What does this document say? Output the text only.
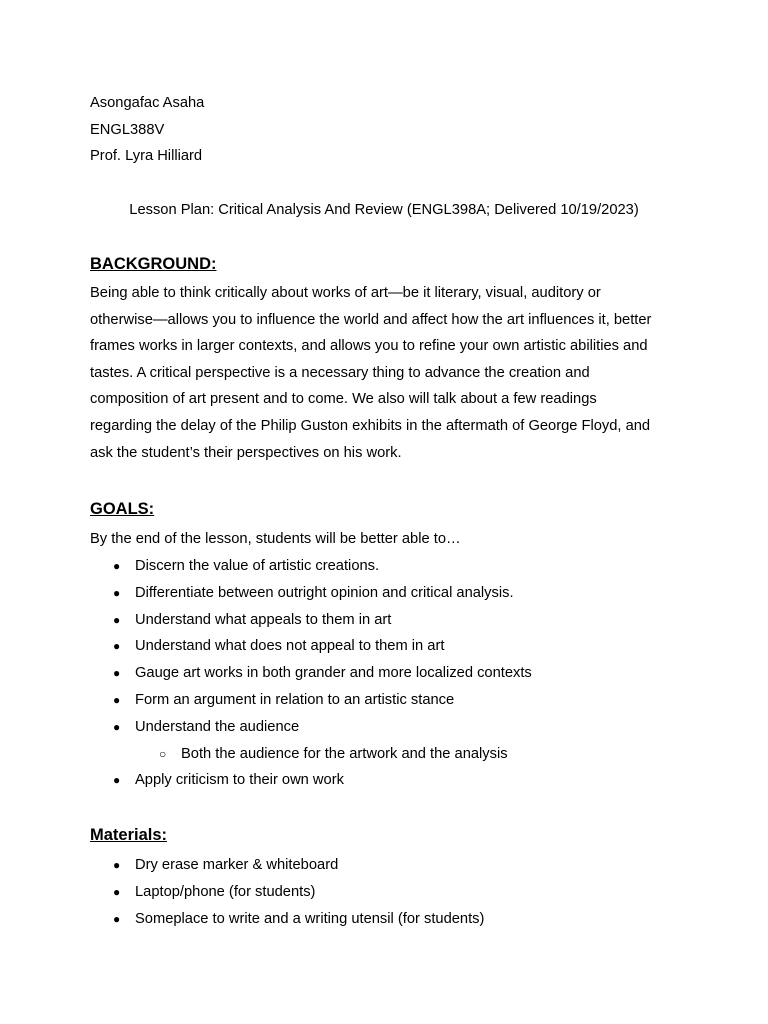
Asongafac Asaha
ENGL388V
Prof. Lyra Hilliard
Lesson Plan: Critical Analysis And Review (ENGL398A; Delivered 10/19/2023)
BACKGROUND:
Being able to think critically about works of art—be it literary, visual, auditory or
otherwise—allows you to influence the world and affect how the art influences it, better
frames works in larger contexts, and allows you to refine your own artistic abilities and
tastes. A critical perspective is a necessary thing to advance the creation and
composition of art present and to come. We also will talk about a few readings
regarding the delay of the Philip Guston exhibits in the aftermath of George Floyd, and
ask the student’s their perspectives on his work.
GOALS:
By the end of the lesson, students will be better able to…
● Discern the value of artistic creations.
● Differentiate between outright opinion and critical analysis.
● Understand what appeals to them in art
● Understand what does not appeal to them in art
● Gauge art works in both grander and more localized contexts
● Form an argument in relation to an artistic stance
● Understand the audience
○ Both the audience for the artwork and the analysis
● Apply criticism to their own work
Materials:
● Dry erase marker & whiteboard
● Laptop/phone (for students)
● Someplace to write and a writing utensil (for students)
